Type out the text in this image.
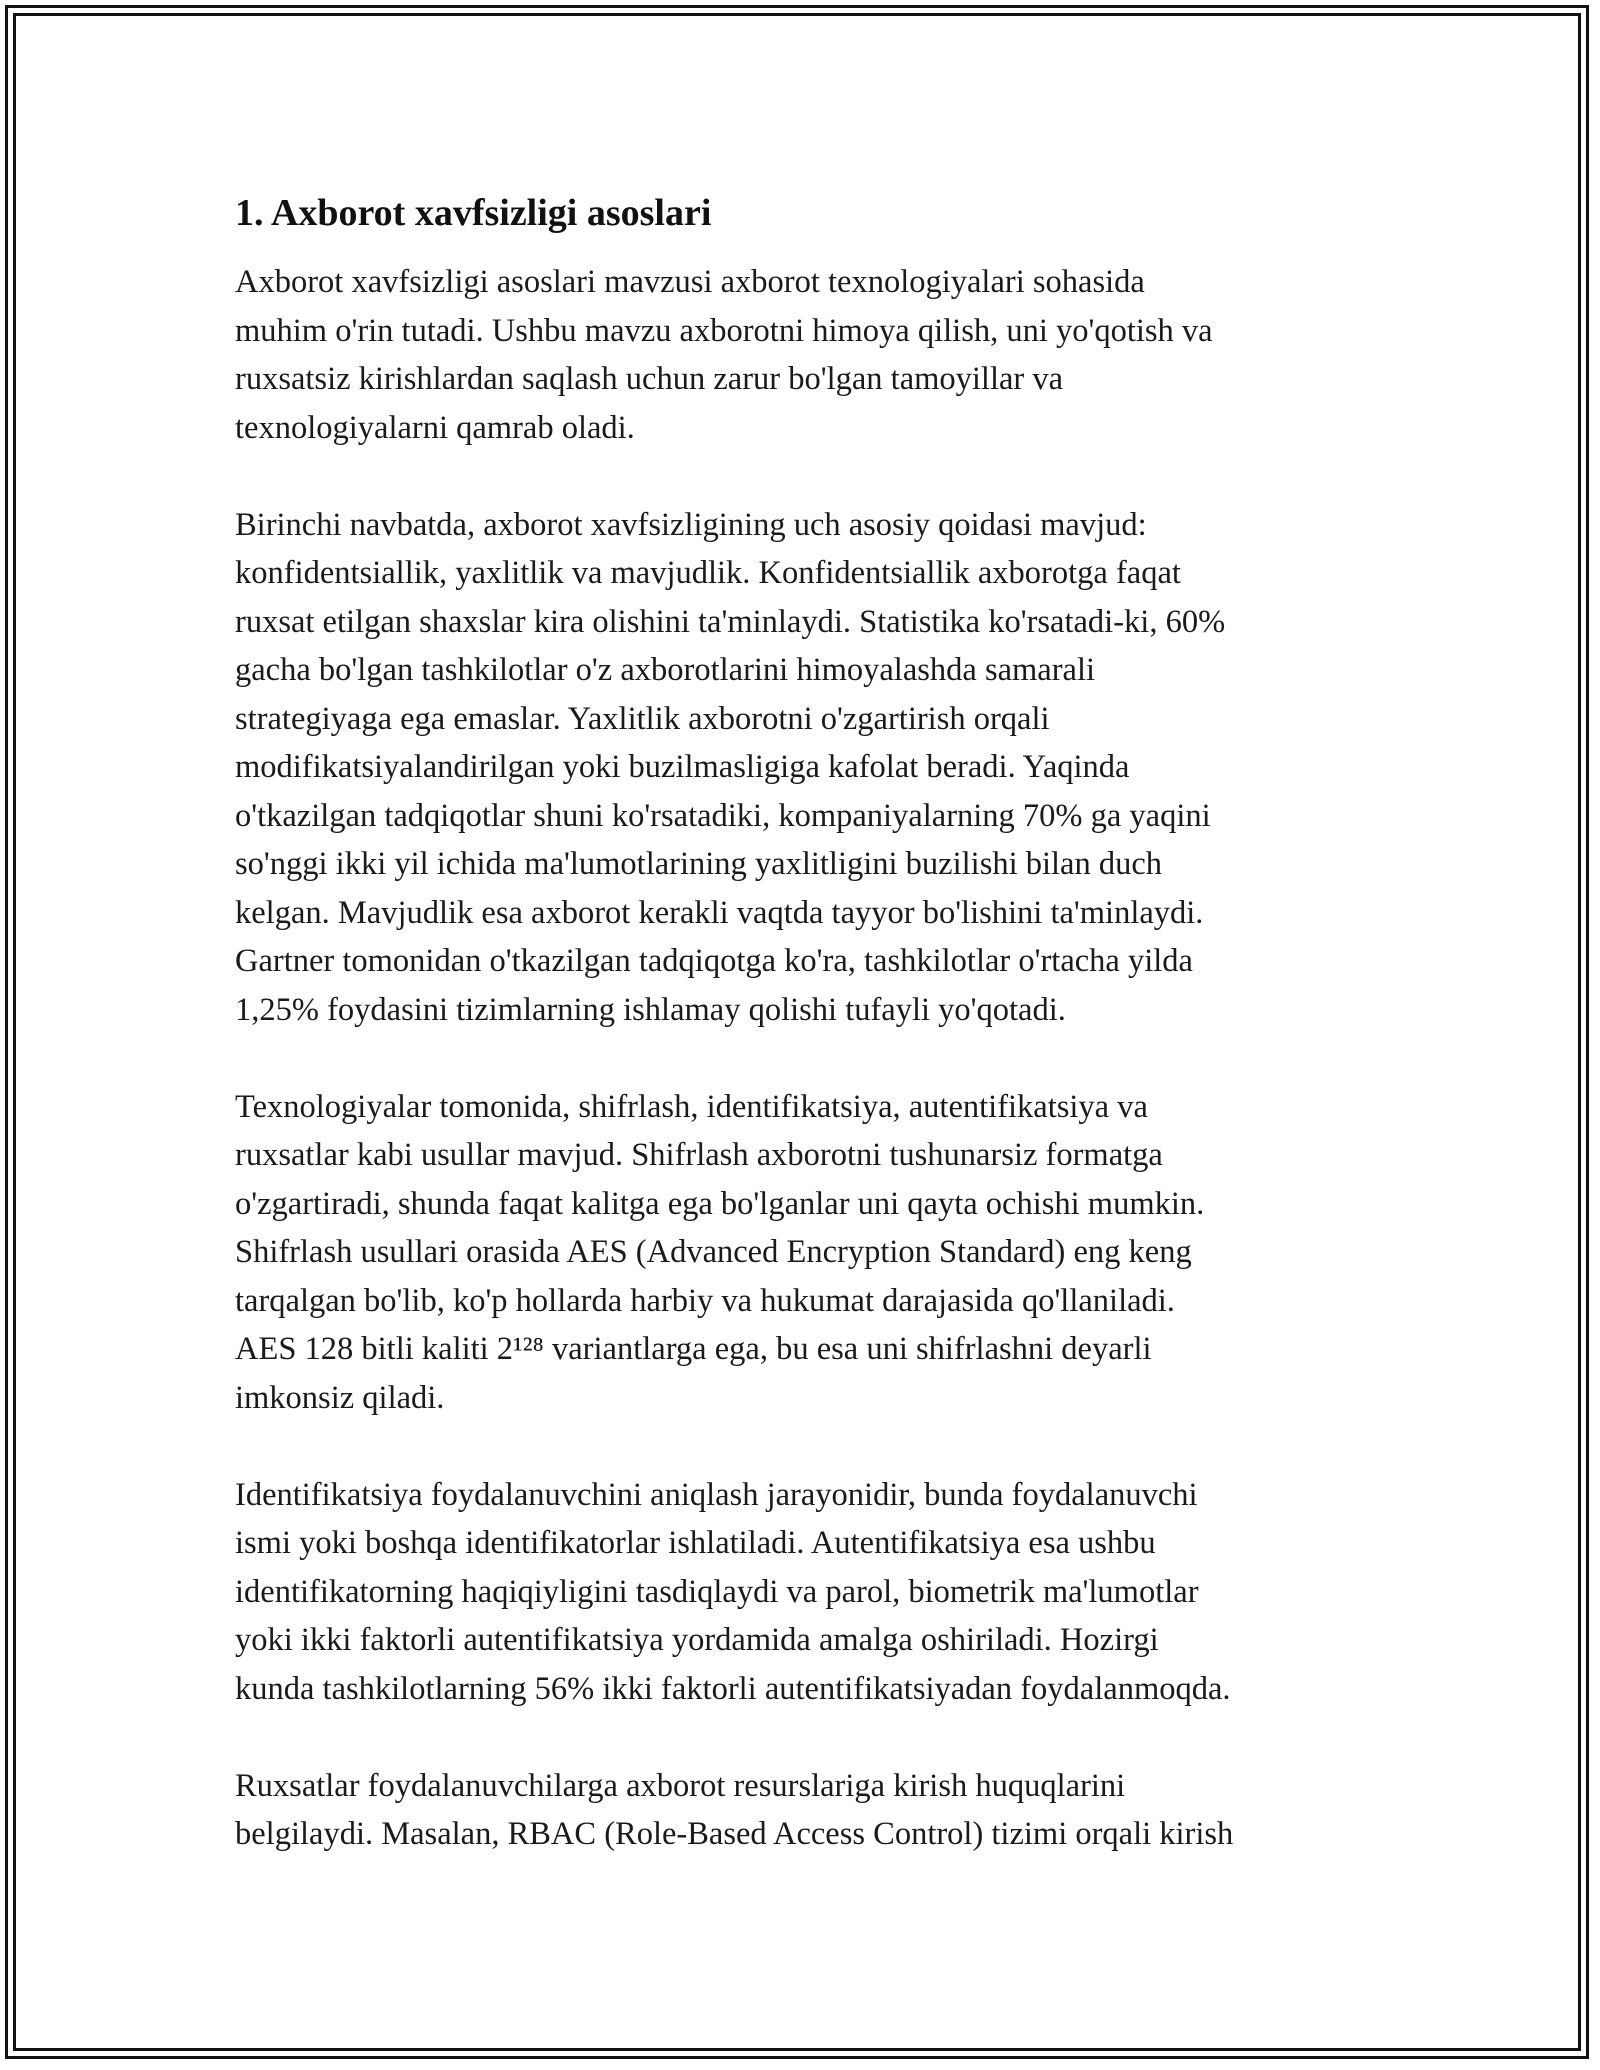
1. Axborot xavfsizligi asoslari

Axborot xavfsizligi asoslari mavzusi axborot texnologiyalari sohasida
muhim o'rin tutadi. Ushbu mavzu axborotni himoya qilish, uni yo'qotish va
ruxsatsiz kirishlardan saqlash uchun zarur bo'lgan tamoyillar va
texnologiyalarni qamrab oladi.

Birinchi navbatda, axborot xavfsizligining uch asosiy qoidasi mavjud:
konfidentsiallik, yaxlitlik va mavjudlik. Konfidentsiallik axborotga faqat
ruxsat etilgan shaxslar kira olishini ta'minlaydi. Statistika ko'rsatadi-ki, 60%
gacha bo'lgan tashkilotlar o'z axborotlarini himoyalashda samarali
strategiyaga ega emaslar. Yaxlitlik axborotni o'zgartirish orqali
modifikatsiyalandirilgan yoki buzilmasligiga kafolat beradi. Yaqinda
o'tkazilgan tadqiqotlar shuni ko'rsatadiki, kompaniyalarning 70% ga yaqini
so'nggi ikki yil ichida ma'lumotlarining yaxlitligini buzilishi bilan duch
kelgan. Mavjudlik esa axborot kerakli vaqtda tayyor bo'lishini ta'minlaydi.
Gartner tomonidan o'tkazilgan tadqiqotga ko'ra, tashkilotlar o'rtacha yilda
1,25% foydasini tizimlarning ishlamay qolishi tufayli yo'qotadi.

Texnologiyalar tomonida, shifrlash, identifikatsiya, autentifikatsiya va
ruxsatlar kabi usullar mavjud. Shifrlash axborotni tushunarsiz formatga
o'zgartiradi, shunda faqat kalitga ega bo'lganlar uni qayta ochishi mumkin.
Shifrlash usullari orasida AES (Advanced Encryption Standard) eng keng
tarqalgan bo'lib, ko'p hollarda harbiy va hukumat darajasida qo'llaniladi.
AES 128 bitli kaliti 2¹²⁸ variantlarga ega, bu esa uni shifrlashni deyarli
imkonsiz qiladi.

Identifikatsiya foydalanuvchini aniqlash jarayonidir, bunda foydalanuvchi
ismi yoki boshqa identifikatorlar ishlatiladi. Autentifikatsiya esa ushbu
identifikatorning haqiqiyligini tasdiqlaydi va parol, biometrik ma'lumotlar
yoki ikki faktorli autentifikatsiya yordamida amalga oshiriladi. Hozirgi
kunda tashkilotlarning 56% ikki faktorli autentifikatsiyadan foydalanmoqda.

Ruxsatlar foydalanuvchilarga axborot resurslariga kirish huquqlarini
belgilaydi. Masalan, RBAC (Role-Based Access Control) tizimi orqali kirish
